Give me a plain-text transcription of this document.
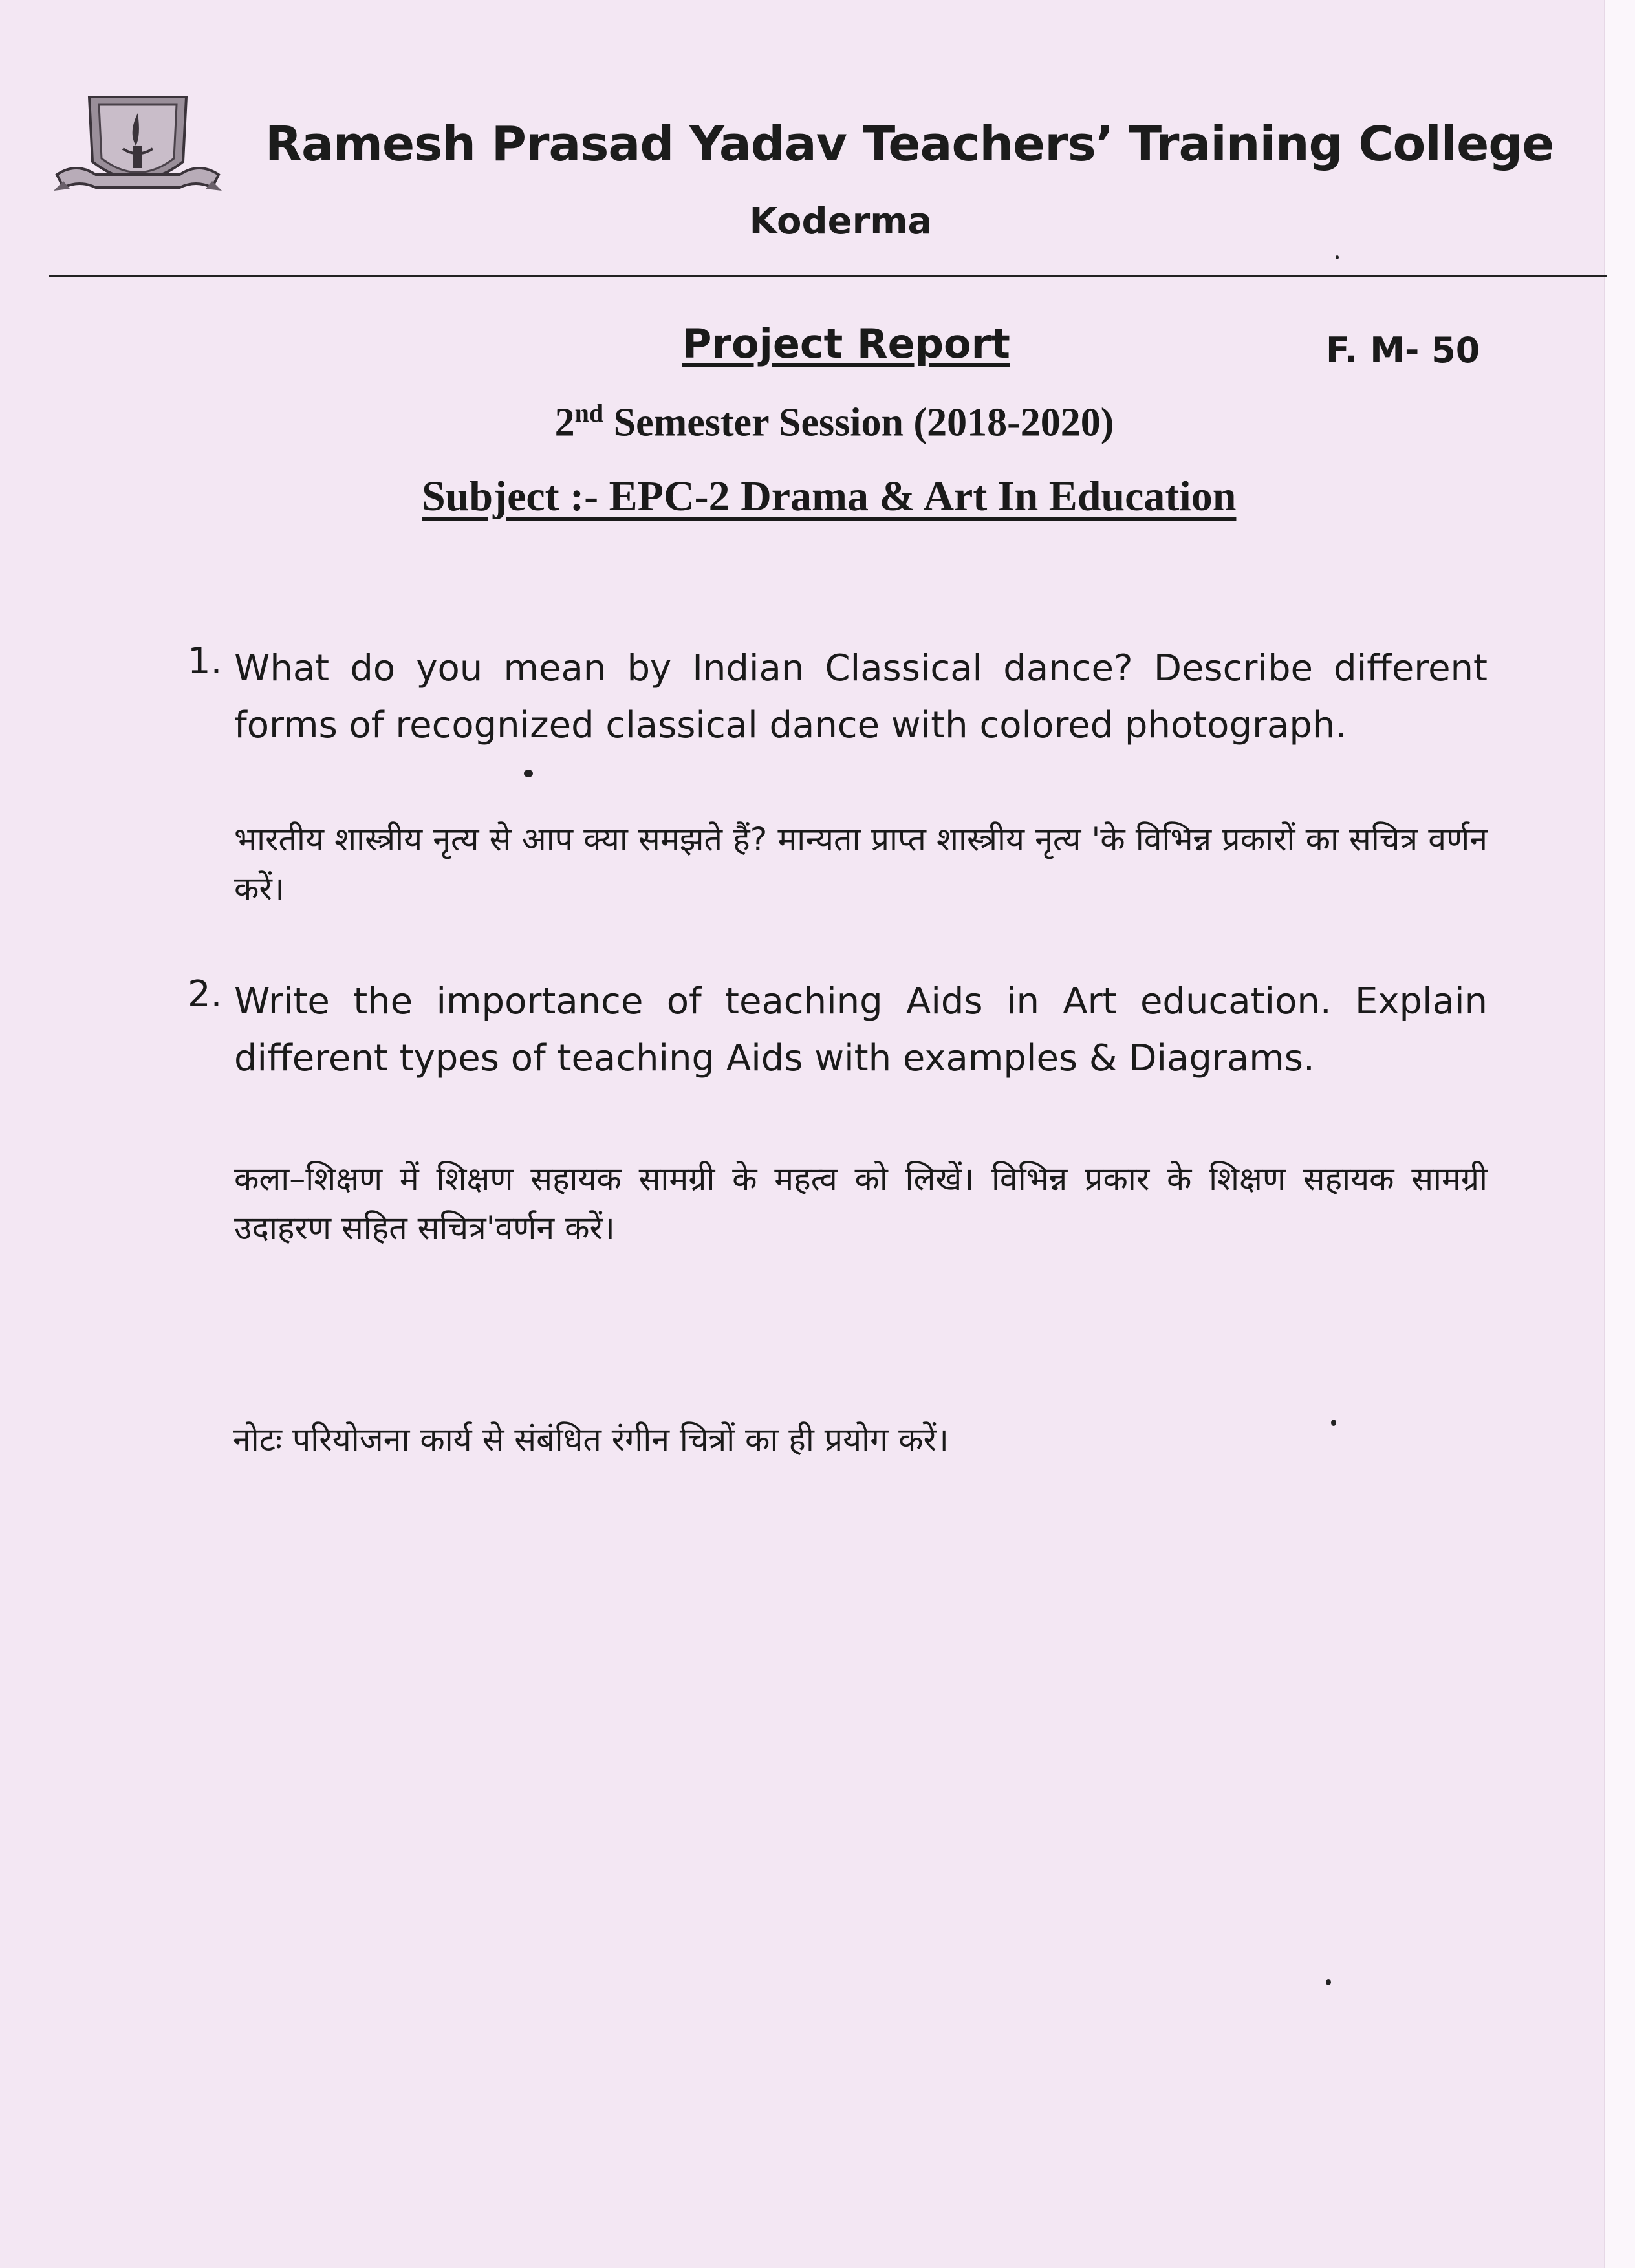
Ramesh Prasad Yadav Teachers’ Training College
Koderma
Project Report	F. M- 50
2nd Semester Session (2018-2020)
Subject :- EPC-2 Drama & Art In Education
1. What do you mean by Indian Classical dance? Describe different forms of recognized classical dance with colored photograph.
भारतीय शास्त्रीय नृत्य से आप क्या समझते हैं? मान्यता प्राप्त शास्त्रीय नृत्य 'के विभिन्न प्रकारों का सचित्र वर्णन करें।
2. Write the importance of teaching Aids in Art education. Explain different types of teaching Aids with examples & Diagrams.
कला–शिक्षण में शिक्षण सहायक सामग्री के महत्व को लिखें। विभिन्न प्रकार के शिक्षण सहायक सामग्री उदाहरण सहित सचित्र'वर्णन करें।
नोटः परियोजना कार्य से संबंधित रंगीन चित्रों का ही प्रयोग करें।
